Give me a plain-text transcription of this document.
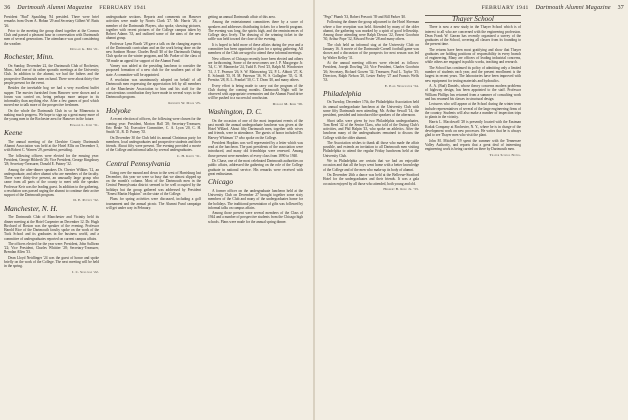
36 Dartmouth Alumni Magazine FEBRUARY 1941

President "Bud" Spaulding '84 presided. There were brief remarks from Owen A. Hoban '29 and Secretary Gilbert W. Butts '26.

Prior to the meeting the group dined together at the Cosmos Club and passed a pleasant hour in conversation with Dartmouth men of several generations. The attendance was good considering the weather.

Donald G. Mix '21.
Rochester, Minn.

On Sunday, December 22, the Dartmouth Club of Rochester, Minn., held one of its rather sporadic meetings at the University Club. In addition to the alumni, we had the fathers and the prospective Dartmouth men on hand. There were about thirty-five people present for the event.

Besides the inevitable bog we had a very excellent buffet supper. The movies furnished from Hanover were shown and a forum was carried on, being perhaps more unique in its informality than anything else. After a few games of pool which moved me to talk more of the prospective freshmen.

On the whole the Dartmouth Club in so far Minnesota is making much progress. We hope to sign up a great many more of the young men in the Rochester area for Hanover in the future.

Edward L. Judd '31.
Keene

The annual meeting of the Cheshire County Dartmouth Alumni Association was held at the Hotel Ellis on December 3, with Robert C. Warren '29, president, presiding.

The following officers were elected for the ensuing year: President, George Hildreth '26; Vice President, George Kingsbury '28; Secretary-Treasurer, Donald E. Putney '32.

Among the after-dinner speakers Dr. Chester Wilkins '12, an undergraduate, and other alumni who are members of the faculty. There were thirty-five present, an unusually large group who came from all parts of the county to meet with the speaker. Professor Keir was the leading guest. In addition to the gathering, a resolution was passed urging the alumni to continue their active support of the Dartmouth program.

D. E. Putney '32.
Manchester, N. H.

The Dartmouth Club of Manchester and Vicinity held its dinner meeting at the Hotel Carpenter on December 12. Dr. Hugh Birchard of Boston was the speaker of the evening. Professor Harold Rice of the Dartmouth faculty spoke on the work of the Tuck School and its graduates in the business world, and a committee of undergraduates reported on current campus affairs.

The officers elected for the year were: President, John Sullivan '22; Vice President, Charles Whittier '28; Secretary-Treasurer, Brendan Allen '33.

Dean Lloyd Neidlinger '24 was the guest of honor and spoke briefly on the work of the College. The next meeting will be held in the spring.

J. C. Sullivan '22.

undergraduate sections. Reports and comments on Hanover activities were made by Norris Clark '27. Mr. Harris '26, a member of the Dartmouth Players, also spoke, showing pictures, together with recent pictures of the College campus taken by Robert Adams '33, and outlined some of the aims of the new alumni group.

Professor Lynn Booth '28 gave a talk on the changing aspects of the Dartmouth curriculum and on the work being done on the new Sanborn House. Charles Beall '40 of the Dartmouth Outing Club spoke on the winter program, and Mr. Parker of the class of '38 made an appeal for support of the Alumni Fund.

Varney was added at the presiding luncheon to consider the proposed formation of a new club for the southern part of the state. A committee will be appointed.

A resolution was unanimously adopted on behalf of all Dartmouth men expressing the appreciation felt by all members of the Manchester Association to him and his staff for the conscientious contribution they have made in several ways to the Dartmouth program.

Kenneth W. Davis '25.
Holyoke

A recent election of officers, the following were chosen for the coming year: President, Morton Hall '28; Secretary-Treasurer, Eric Beale '34; Executive Committee, C. A. Lyon '20, C. H. Smith '31, R. D. Putney '35.

On December 30 the Club held its annual Christmas party for members, local undergraduates and prospective students and their friends. About fifty were present. The evening provided a movie of the College and informal talks by several undergraduates.

C. H. Keith '31.
Central Pennsylvania

Going over the mound and down to the west of Harrisburg last December, this year we were so busy that we almost slipped up on the month's column. Most of the Dartmouth men in the Central Pennsylvania district seemed to be well occupied by the holidays but the group gathered was addressed by President "Ernest Martin Hopkins" on the state of the College.

Plans for spring activities were discussed, including a golf tournament and the annual picnic. The Alumni Fund campaign will get under way in February.

getting an annual Dartmouth affair of this area.

Among the entertainment committees there by a score of speakers and addresses distributing tickets for a benefit program. The evening was long, the spirits high, and the reminiscences of College days lively. The drawing of the winning ticket in the raffle was held toward the close of the evening.

It is hoped to hold more of these affairs during the year and a committee has been appointed to plan for a spring gathering. All members of the Club are urged to attend these informal meetings.

New officers of Chicago recently have been elected and others are forthcoming. Some of the newcomers are J. P. Macgregor Jr. '34, C. W. Mannecke '24, Tudd E. Fred '25, Ralph M. Winchester '31, J. T. Pearson '26, S. W. Mainwaring '22, P. L. Abbott '27, K. E. Schmidt '35, H. M. Paterson '36, W. S. Gallagher '35, G. H. Prentiss '28, R. L. Frankel '30, C. T. Dean '40, and many others.

Every effort is being made to carry out the program of the Club during the coming months. Dartmouth Night will be observed with appropriate ceremonies and the Alumni Fund drive will be pushed to a successful conclusion.

Donald M. Kirk '39.
Washington, D. C.

On the occasion of one of the most important events of the past month the annual undergraduate luncheon was given at the Hotel Willard. About fifty Dartmouth men, together with wives and friends, were in attendance. The guests of honor included Dr. Harvey Whitman '17 who spoke on the College.

President Hopkins was well represented by a letter which was read at the luncheon. The past presidents of the association were introduced, and many old friendships were renewed. Among those present were members of every class from 1890 to 1940.

Dr. Chase, one of the most celebrated Dartmouth authorities on public affairs, addressed the gathering on the role of the College graduate in national service. His remarks were received with great enthusiasm.

Chicago

A former officer on the undergraduate luncheon held at the University Club on December 27 brought together some sixty members of the Club and many of the undergraduates home for the holidays. The traditional presentation of gifts was followed by informal talks on campus affairs.

Among those present were several members of the Class of 1944 and a number of prospective students from the Chicago high schools. Plans were made for the annual spring dinner.

FEBRUARY 1941 Dartmouth Alumni Magazine 37

"Pegs" Plumb '33, Robert Prescott '39 and Bill Parker '40.

Following the dinner the group adjourned to the Hotel Sherman where a fine reception was held. Attended by many of the older alumni, the gathering was marked by a spirit of good fellowship. Among those attending were Ralph Downs '22, Ernest Goodwin '30, Arthur Pope '32, Edward Foster '28 and many others.

The club held an informal stag at the University Club on January 16. A movie of the Dartmouth-Cornell football game was shown and a discussion of the prospects for next season was led by Walter Kelley '31.

At the annual meeting officers were elected as follows: President, Joseph Dowling '24; Vice President, Charles Goodwin '26; Secretary, Richard Gowen '32; Treasurer, Paul L. Taylor '35; Directors, Ralph Nelson '20, Lester Farley '27 and Francis Wells '33.

E. Paul Worcester '34.
Philadelphia

On Tuesday, December 17th, the Philadelphia Association held its annual undergraduate luncheon at the University Club with some fifty Dartmouth men attending. Mr. Arthur Sewall '14, the president, presided and introduced the speakers of the afternoon.

Short talks were given by two Philadelphia undergraduates, Tom Reed '42 of the Senior Class, who told of the Outing Club's activities, and Phil Halpin '43, who spoke on athletics. After the luncheon many of the undergraduates remained to discuss the College with the older alumni.

The Association wishes to thank all those who made the affair possible, and extends an invitation to all Dartmouth men visiting Philadelphia to attend the regular Friday luncheons held at the University Club.

We in Philadelphia are certain that we had an enjoyable occasion and that all the boys went home with a better knowledge of the College and of the men who make up its body of alumni.

On December 26th a dance was held at the Bellevue-Stratford Hotel for the undergraduates and their friends. It was a gala occasion enjoyed by all those who attended, both young and old.

Herbert B. King Jr. '33.
Thayer School

There is now a new study in the Thayer School which is of interest to all who are concerned with the engineering profession. Dean Frank W. Garran has recently organized a survey of the graduates of the School, covering all classes from its founding to the present time.

The returns have been most gratifying and show that Thayer graduates are holding positions of responsibility in every branch of engineering. Many are officers of leading industrial concerns, while others are engaged in public works, teaching and research.

The School has continued its policy of admitting only a limited number of students each year, and the present enrollment is the largest in recent years. The laboratories have been improved with new equipment for testing materials and hydraulics.

A. A. (Bud) Daniels, whose theory concerns modern problems of highway design, has been appointed to the staff. Professor William Phillips has returned from a summer of consulting work and has resumed his classes in structural design.

Lecturers who will appear at the School during the winter term include representatives of several of the large engineering firms of the country. Students will also make a number of inspection trips to plants in the vicinity.

Harris L. Macdowell '28 is presently located with the Eastman Kodak Company at Rochester, N. Y., where he is in charge of the development work on new processes. He writes that he is always glad to see Thayer men who visit the plant.

John M. Mitchell '19 spent the summer with the Tennessee Valley Authority, and reports that a great deal of interesting engineering work is being carried on there by Dartmouth men.

Thayer School Notes.
